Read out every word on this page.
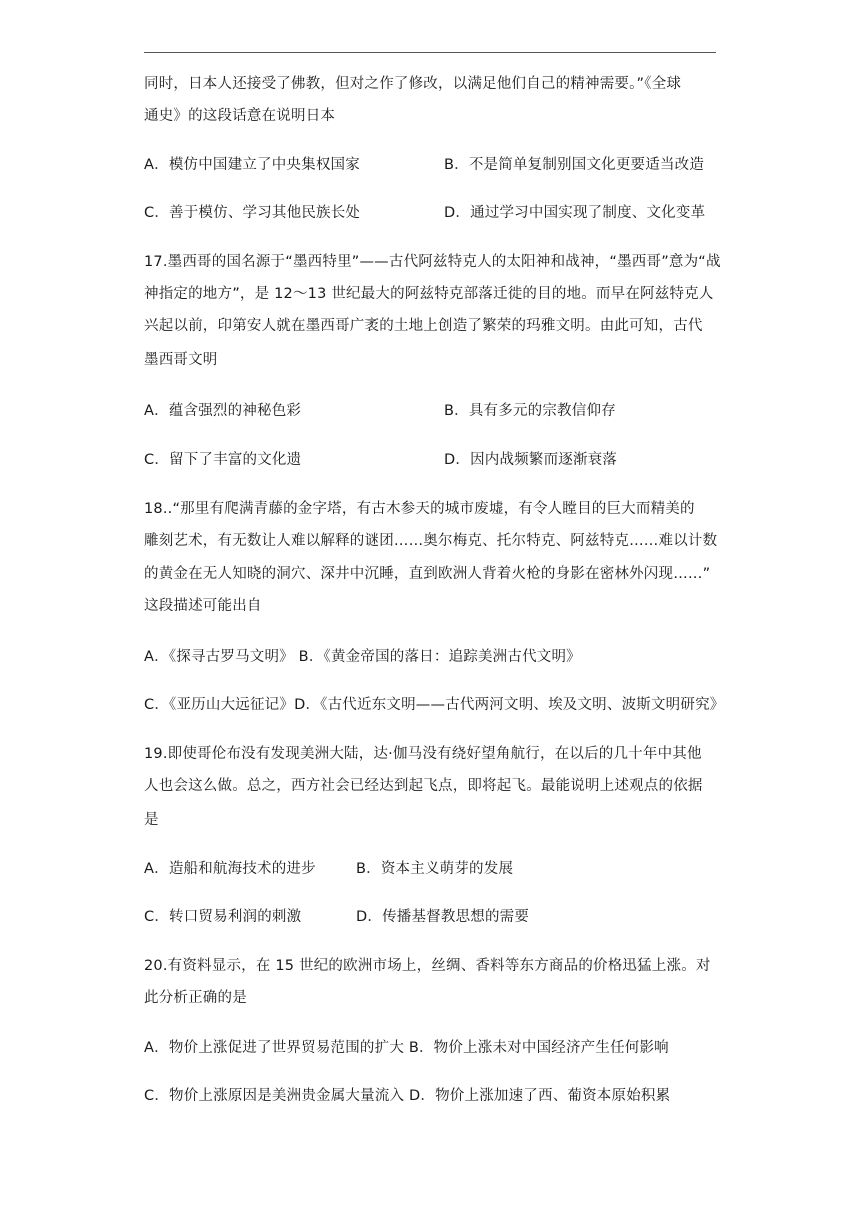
同时，日本人还接受了佛教，但对之作了修改，以满足他们自己的精神需要。”《全球
通史》的这段话意在说明日本
A．模仿中国建立了中央集权国家	B．不是简单复制别国文化更要适当改造
C．善于模仿、学习其他民族长处	D．通过学习中国实现了制度、文化变革
17.墨西哥的国名源于“墨西特里”——古代阿兹特克人的太阳神和战神，“墨西哥”意为“战
神指定的地方”，是 12～13 世纪最大的阿兹特克部落迁徙的目的地。而早在阿兹特克人
兴起以前，印第安人就在墨西哥广袤的土地上创造了繁荣的玛雅文明。由此可知，古代
墨西哥文明
A．蕴含强烈的神秘色彩	B．具有多元的宗教信仰存
C．留下了丰富的文化遗	D．因内战频繁而逐渐衰落
18..“那里有爬满青藤的金字塔，有古木参天的城市废墟，有令人瞠目的巨大而精美的
雕刻艺术，有无数让人难以解释的谜团……奥尔梅克、托尔特克、阿兹特克……难以计数
的黄金在无人知晓的洞穴、深井中沉睡，直到欧洲人背着火枪的身影在密林外闪现……”
这段描述可能出自
A．《探寻古罗马文明》 B．《黄金帝国的落日：追踪美洲古代文明》
C．《亚历山大远征记》D．《古代近东文明——古代两河文明、埃及文明、波斯文明研究》
19.即使哥伦布没有发现美洲大陆，达·伽马没有绕好望角航行，在以后的几十年中其他
人也会这么做。总之，西方社会已经达到起飞点，即将起飞。最能说明上述观点的依据
是
A．造船和航海技术的进步	B．资本主义萌芽的发展
C．转口贸易利润的刺激	D．传播基督教思想的需要
20.有资料显示，在 15 世纪的欧洲市场上，丝绸、香料等东方商品的价格迅猛上涨。对
此分析正确的是
A．物价上涨促进了世界贸易范围的扩大 B．物价上涨未对中国经济产生任何影响
C．物价上涨原因是美洲贵金属大量流入 D．物价上涨加速了西、葡资本原始积累
